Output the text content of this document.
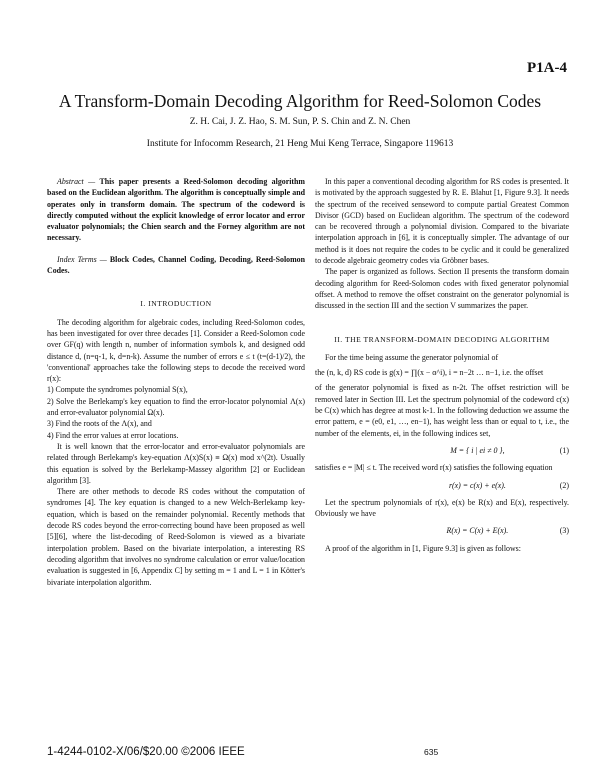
P1A-4
A Transform-Domain Decoding Algorithm for Reed-Solomon Codes
Z. H. Cai, J. Z. Hao, S. M. Sun, P. S. Chin and Z. N. Chen
Institute for Infocomm Research, 21 Heng Mui Keng Terrace, Singapore 119613

Abstract — This paper presents a Reed-Solomon decoding algorithm based on the Euclidean algorithm. The algorithm is conceptually simple and operates only in transform domain. The spectrum of the codeword is directly computed without the explicit knowledge of error locator and error evaluator polynomials; the Chien search and the Forney algorithm are not necessary.

Index Terms — Block Codes, Channel Coding, Decoding, Reed-Solomon Codes.

I. INTRODUCTION

The decoding algorithm for algebraic codes, including Reed-Solomon codes, has been investigated for over three decades [1]. Consider a Reed-Solomon code over GF(q) with length n, number of information symbols k, and designed odd distance d, (n=q-1, k, d=n-k). Assume the number of errors e ≤ t (t=(d-1)/2), the 'conventional' approaches take the following steps to decode the received word r(x):

1) Compute the syndromes polynomial S(x),

2) Solve the Berlekamp's key equation to find the error-locator polynomial Λ(x) and error-evaluator polynomial Ω(x).

3) Find the roots of the Λ(x), and

4) Find the error values at error locations.

It is well known that the error-locator and error-evaluator polynomials are related through Berlekamp's key-equation Λ(x)S(x) ≡ Ω(x) mod x^(2t). Usually this equation is solved by the Berlekamp-Massey algorithm [2] or Euclidean algorithm [3].

There are other methods to decode RS codes without the computation of syndromes [4]. The key equation is changed to a new Welch-Berlekamp key-equation, which is based on the remainder polynomial. Recently methods that decode RS codes beyond the error-correcting bound have been proposed as well [5][6], where the list-decoding of Reed-Solomon is viewed as a bivariate interpolation problem. Based on the bivariate interpolation, a interesting RS decoding algorithm that involves no syndrome calculation or error value/location evaluation is suggested in [6, Appendix C] by setting m = 1 and L = 1 in Kötter's bivariate interpolation algorithm.

In this paper a conventional decoding algorithm for RS codes is presented. It is motivated by the approach suggested by R. E. Blahut [1, Figure 9.3]. It needs the spectrum of the received senseword to compute partial Greatest Common Divisor (GCD) based on Euclidean algorithm. The spectrum of the codeword can be recovered through a polynomial division. Compared to the bivariate interpolation approach in [6], it is conceptually simpler. The advantage of our method is it does not require the codes to be cyclic and it could be generalized to decode algebraic geometry codes via Gröbner bases.

The paper is organized as follows. Section II presents the transform domain decoding algorithm for Reed-Solomon codes with fixed generator polynomial offset. A method to remove the offset constraint on the generator polynomial is discussed in the section III and the section V summarizes the paper.

II. THE TRANSFORM-DOMAIN DECODING ALGORITHM

For the time being assume the generator polynomial of

the (n, k, d) RS code is g(x) = ∏(x − α^i), i = n−2t … n−1, i.e. the offset

of the generator polynomial is fixed as n-2t. The offset restriction will be removed later in Section III. Let the spectrum polynomial of the codeword c(x) be C(x) which has degree at most k-1. In the following deduction we assume the error pattern, e = (e0, e1, …, en−1), has weight less than or equal to t, i.e., the number of the elements, ei, in the following indices set,

M = { i | ei ≠ 0 },	(1)

satisfies e = |M| ≤ t. The received word r(x) satisfies the following equation

r(x) = c(x) + e(x).	(2)

Let the spectrum polynomials of r(x), e(x) be R(x) and E(x), respectively. Obviously we have

R(x) = C(x) + E(x).	(3)

A proof of the algorithm in [1, Figure 9.3] is given as follows:

1-4244-0102-X/06/$20.00 ©2006 IEEE	635
